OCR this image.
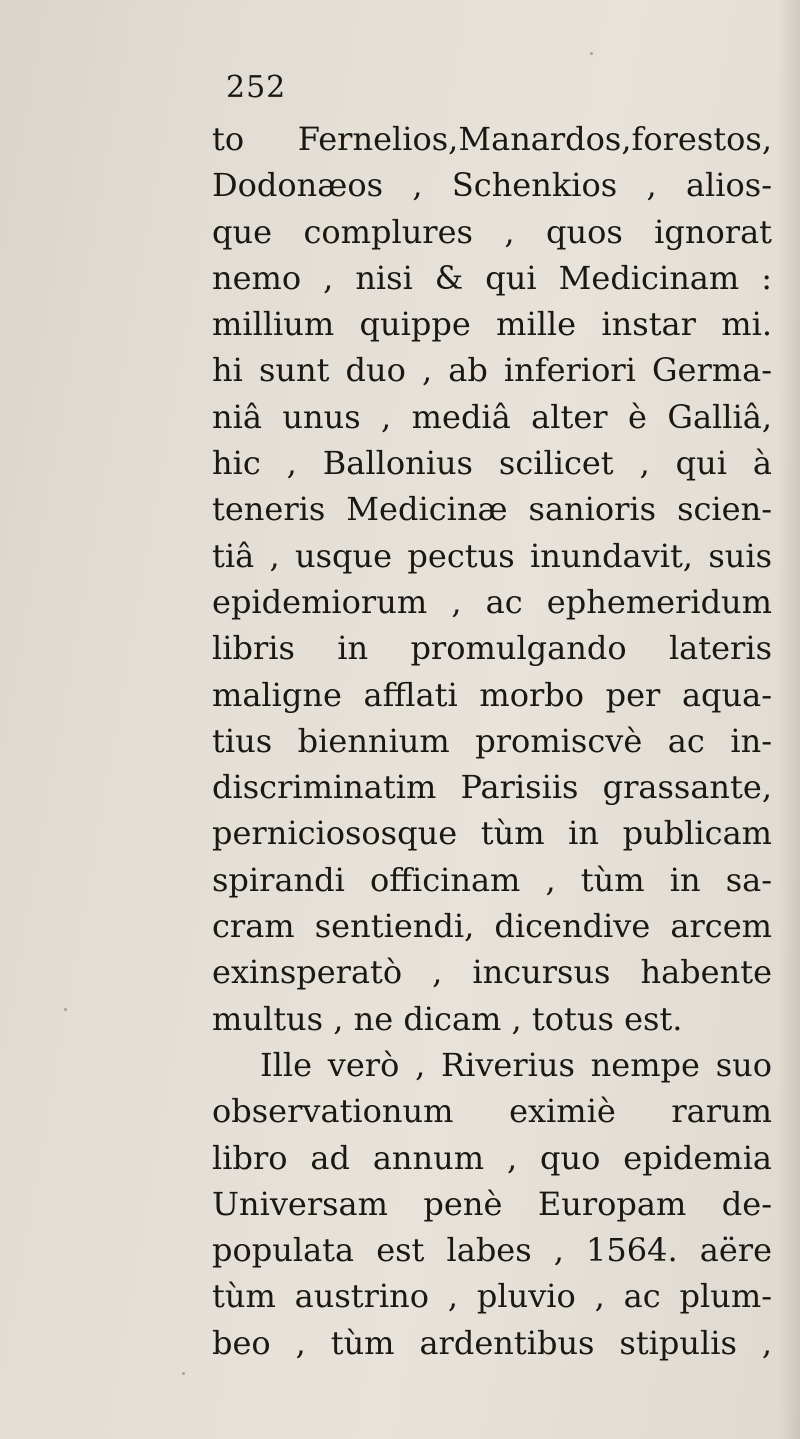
252
to Fernelios,Manardos,forestos,
Dodonæos , Schenkios , alios-
que complures , quos ignorat
nemo , nisi & qui Medicinam :
millium quippe mille instar mi.
hi sunt duo , ab inferiori Germa-
niâ unus , mediâ alter è Galliâ,
hic , Ballonius scilicet , qui à
teneris Medicinæ sanioris scien-
tiâ , usque pectus inundavit, suis
epidemiorum , ac ephemeridum
libris in promulgando lateris
maligne afflati morbo per aqua-
tius biennium promiscvè ac in-
discriminatim Parisiis grassante,
perniciososque tùm in publicam
spirandi officinam , tùm in sa-
cram sentiendi, dicendive arcem
exinsperatò , incursus habente
multus , ne dicam , totus est.
Ille verò , Riverius nempe suo
observationum eximiè rarum
libro ad annum , quo epidemia
Universam penè Europam de-
populata est labes , 1564. aëre
tùm austrino , pluvio , ac plum-
beo , tùm ardentibus stipulis ,
